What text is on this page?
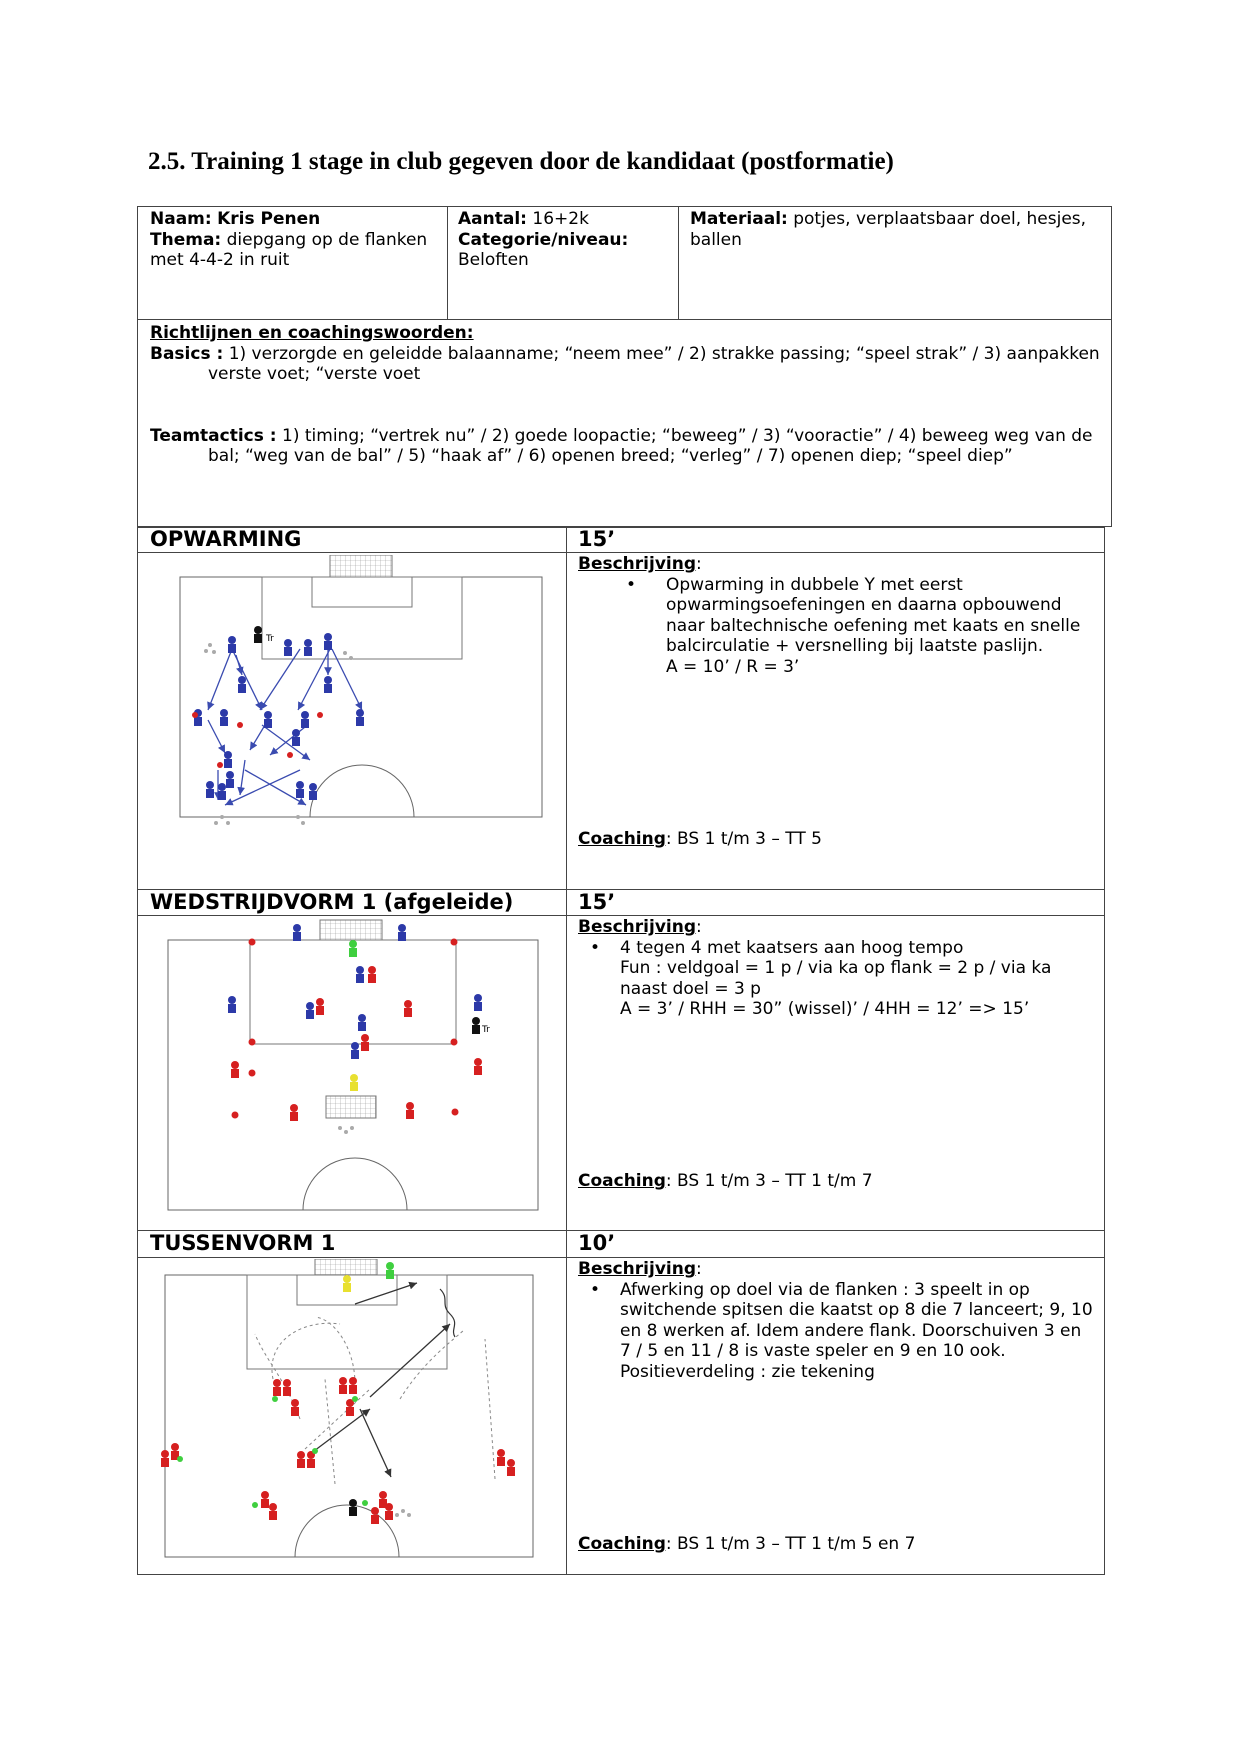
2.5. Training 1 stage in club gegeven door de kandidaat (postformatie)
Naam: Kris Penen
Thema: diepgang op de flanken met 4-4-2 in ruit
Aantal: 16+2k
Categorie/niveau:
Beloften
Materiaal: potjes, verplaatsbaar doel, hesjes, ballen
Richtlijnen en coachingswoorden:
Basics : 1) verzorgde en geleidde balaanname; “neem mee” / 2) strakke passing; “speel strak” / 3) aanpakken

verste voet; “verste voet
Teamtactics : 1) timing; “vertrek nu” / 2) goede loopactie; “beweeg” / 3) “vooractie” / 4) beweeg weg van de

bal; “weg van de bal” / 5) “haak af” / 6) openen breed; “verleg” / 7) openen diep; “speel diep”
OPWARMING	15’
Beschrijving:
• Opwarming in dubbele Y met eerst
opwarmingsoefeningen en daarna opbouwend
naar baltechnische oefening met kaats en snelle
balcirculatie + versnelling bij laatste paslijn.
A = 10’ / R = 3’
Coaching: BS 1 t/m 3 – TT 5
WEDSTRIJDVORM 1 (afgeleide)	15’
Beschrijving:
• 4 tegen 4 met kaatsers aan hoog tempo
Fun : veldgoal = 1 p / via ka op flank = 2 p / via ka
naast doel = 3 p
A = 3’ / RHH = 30” (wissel)’ / 4HH = 12’ => 15’
Coaching: BS 1 t/m 3 – TT 1 t/m 7
TUSSENVORM 1	10’
Beschrijving:
• Afwerking op doel via de flanken : 3 speelt in op
switchende spitsen die kaatst op 8 die 7 lanceert; 9, 10
en 8 werken af. Idem andere flank. Doorschuiven 3 en
7 / 5 en 11 / 8 is vaste speler en 9 en 10 ook.
Positieverdeling : zie tekening
Coaching: BS 1 t/m 3 – TT 1 t/m 5 en 7
Tr
Tr
